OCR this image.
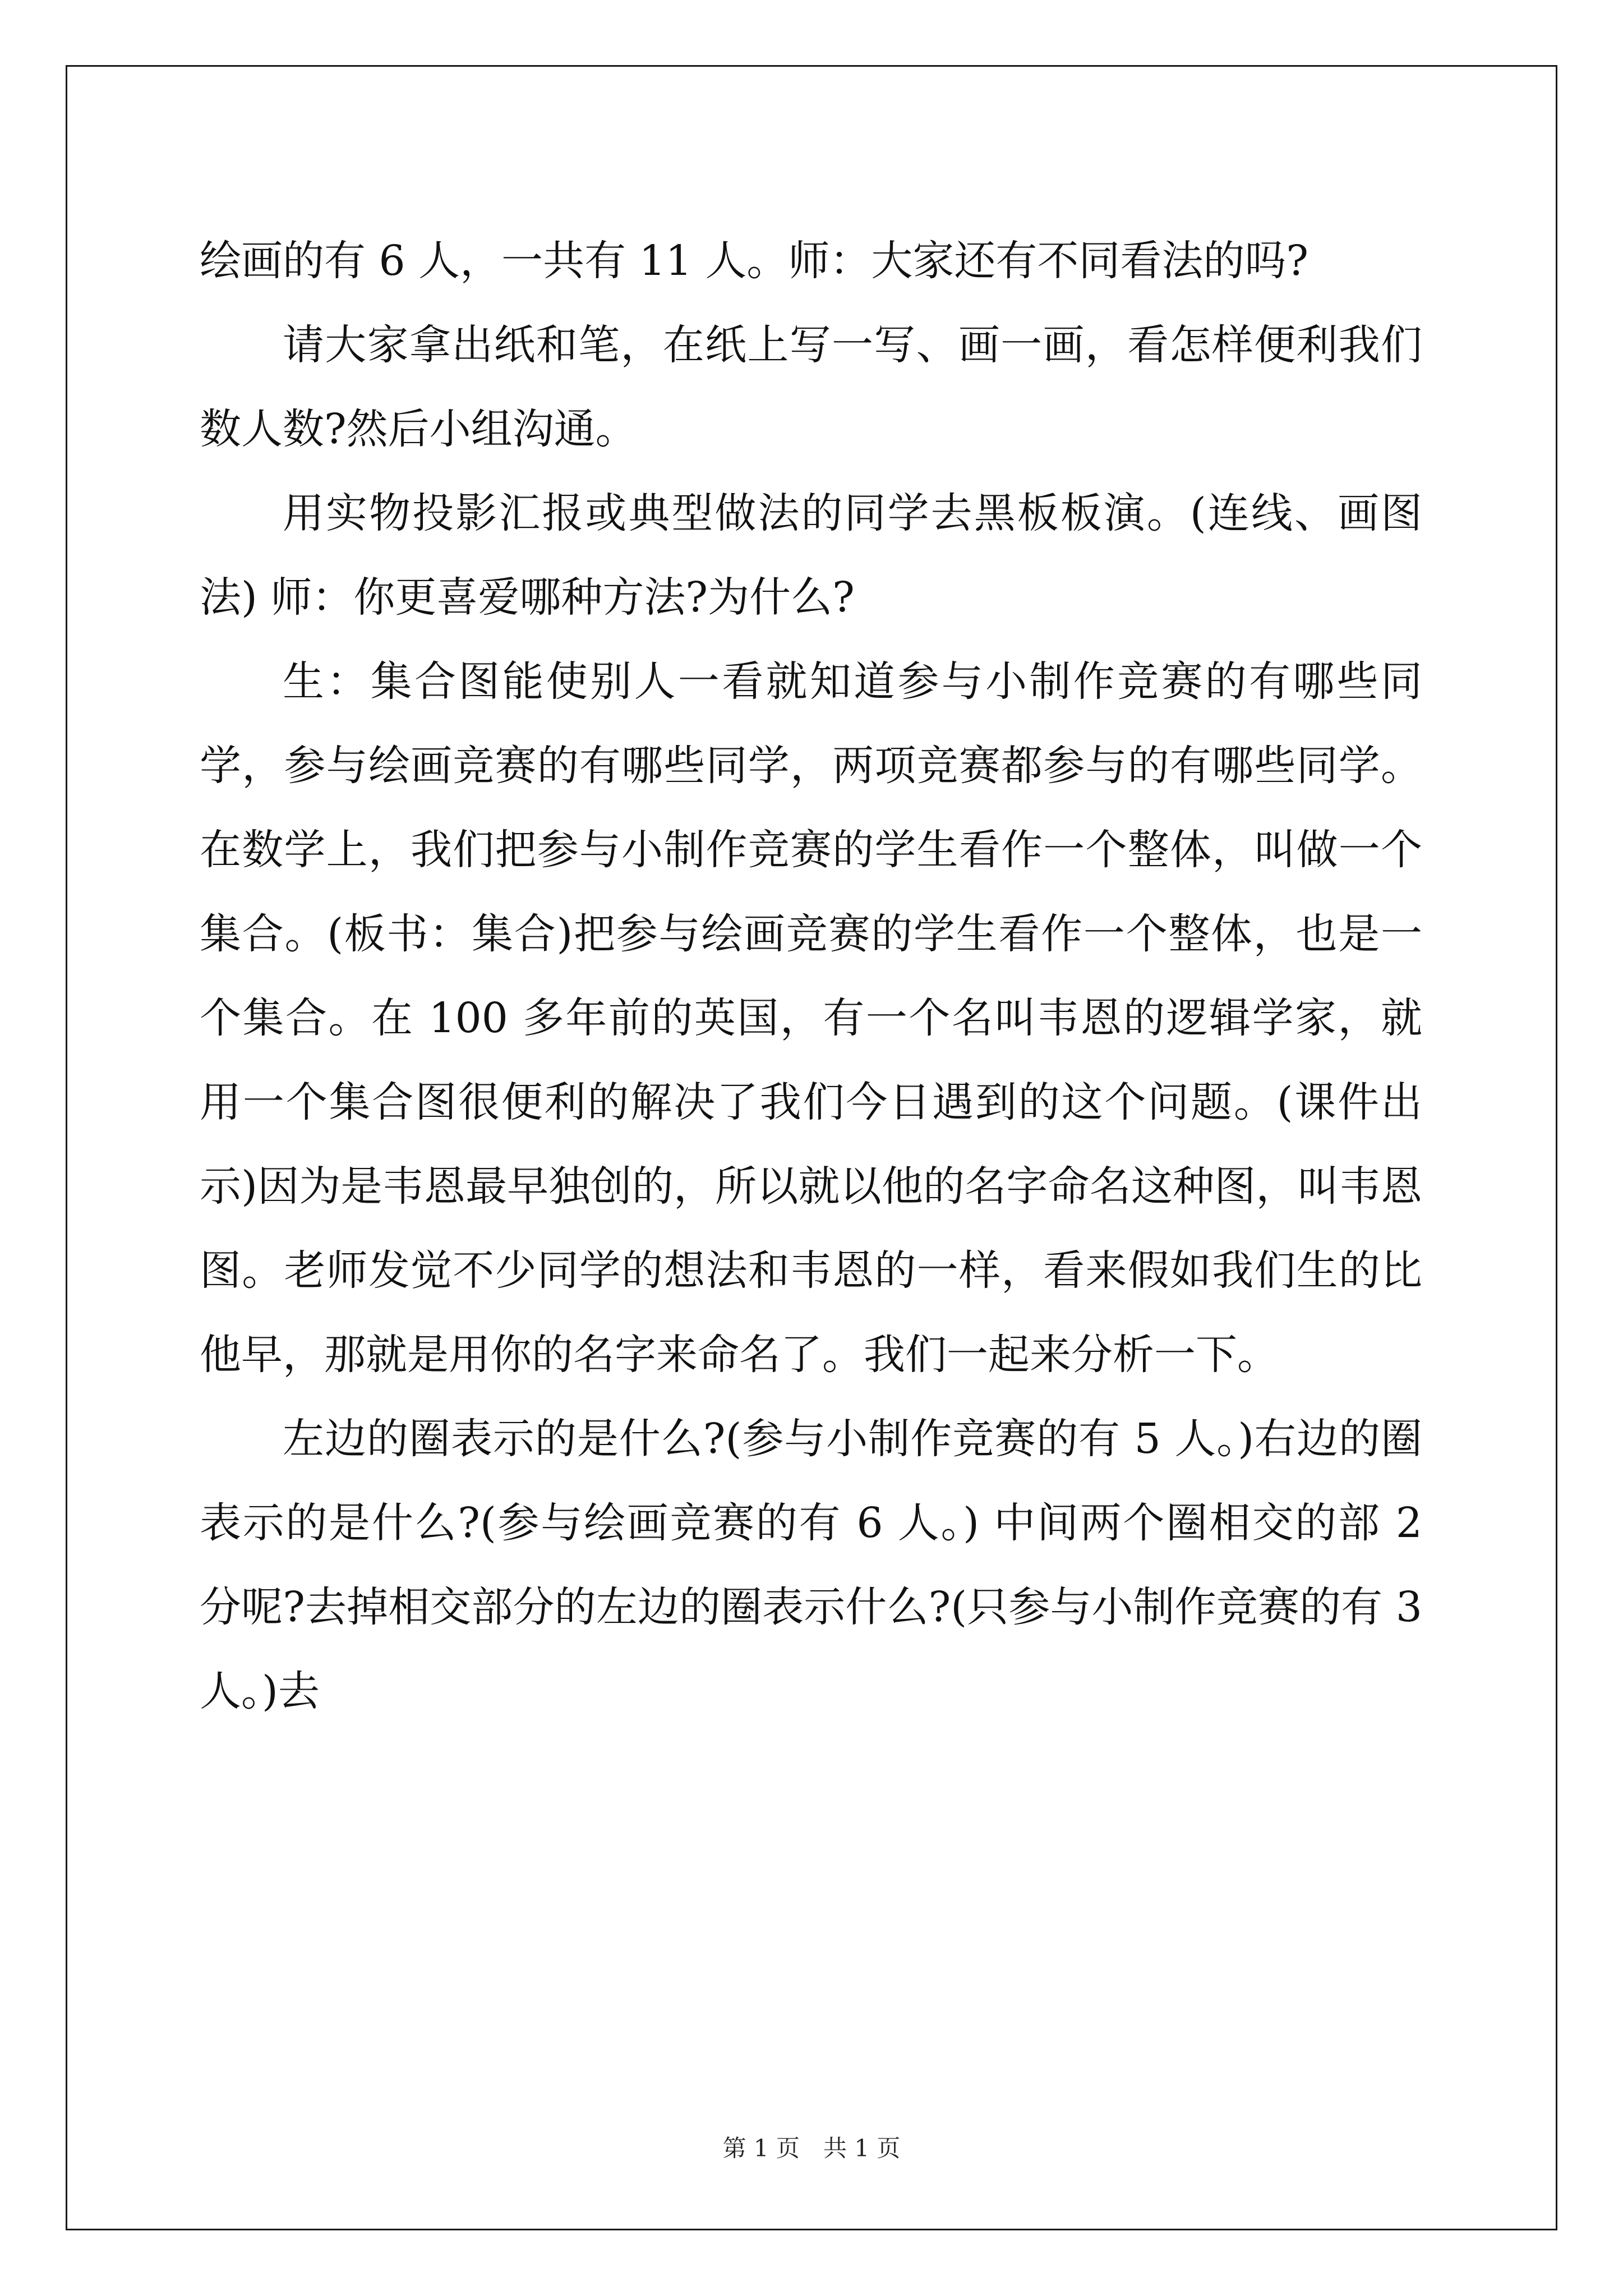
绘画的有 6 人，一共有 11 人。师：大家还有不同看法的吗?

请大家拿出纸和笔，在纸上写一写、画一画，看怎样便利我们数人数?然后小组沟通。

用实物投影汇报或典型做法的同学去黑板板演。(连线、画图法) 师：你更喜爱哪种方法?为什么?

生：集合图能使别人一看就知道参与小制作竞赛的有哪些同学，参与绘画竞赛的有哪些同学，两项竞赛都参与的有哪些同学。在数学上，我们把参与小制作竞赛的学生看作一个整体，叫做一个集合。(板书：集合)把参与绘画竞赛的学生看作一个整体，也是一个集合。在 100 多年前的英国，有一个名叫韦恩的逻辑学家，就用一个集合图很便利的解决了我们今日遇到的这个问题。(课件出示)因为是韦恩最早独创的，所以就以他的名字命名这种图，叫韦恩图。老师发觉不少同学的想法和韦恩的一样，看来假如我们生的比他早，那就是用你的名字来命名了。我们一起来分析一下。

左边的圈表示的是什么?(参与小制作竞赛的有 5 人。)右边的圈表示的是什么?(参与绘画竞赛的有 6 人。) 中间两个圈相交的部 2 分呢?去掉相交部分的左边的圈表示什么?(只参与小制作竞赛的有 3 人。)去

第 1 页　共 1 页
